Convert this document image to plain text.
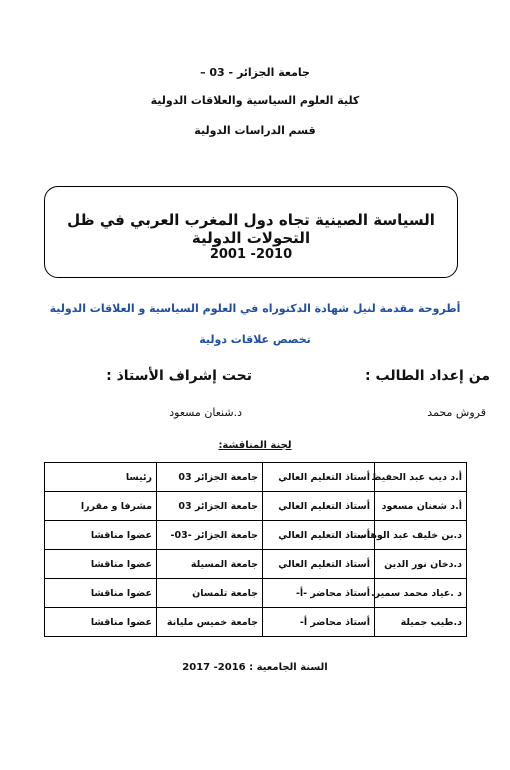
جامعة الجزائر - 03 –
كلية العلوم السياسية والعلاقات الدولية
قسم الدراسات الدولية
السياسة الصينية تجاه دول المغرب العربي في ظل التحولات الدولية
2001 -2010
أطروحة مقدمة لنيل شهادة الدكتوراه في العلوم السياسية و العلاقات الدولية
تخصص علاقات دولية
من إعداد الطالب :
تحت إشراف الأستاذ :
قروش محمد
د.شنعان مسعود
لجنة المناقشة:
أ.د ديب عبد الحفيظ	أستاذ التعليم العالي	جامعة الجزائر 03	رئيسا
أ.د شعنان مسعود	أستاذ التعليم العالي	جامعة الجزائر 03	مشرفا و مقررا
د.بن خليف عبد الوهاب	أستاذ التعليم العالي	جامعة الجزائر -03-	عضوا مناقشا
د.دخان نور الدين	أستاذ التعليم العالي	جامعة المسيلة	عضوا مناقشا
د .عياد محمد سمير.	أستاذ محاضر -أ-	جامعة تلمسان	عضوا مناقشا
د.طيب جميلة	أستاذ محاضر أ-	جامعة خميس مليانة	عضوا مناقشا
السنة الجامعية : 2016- 2017
